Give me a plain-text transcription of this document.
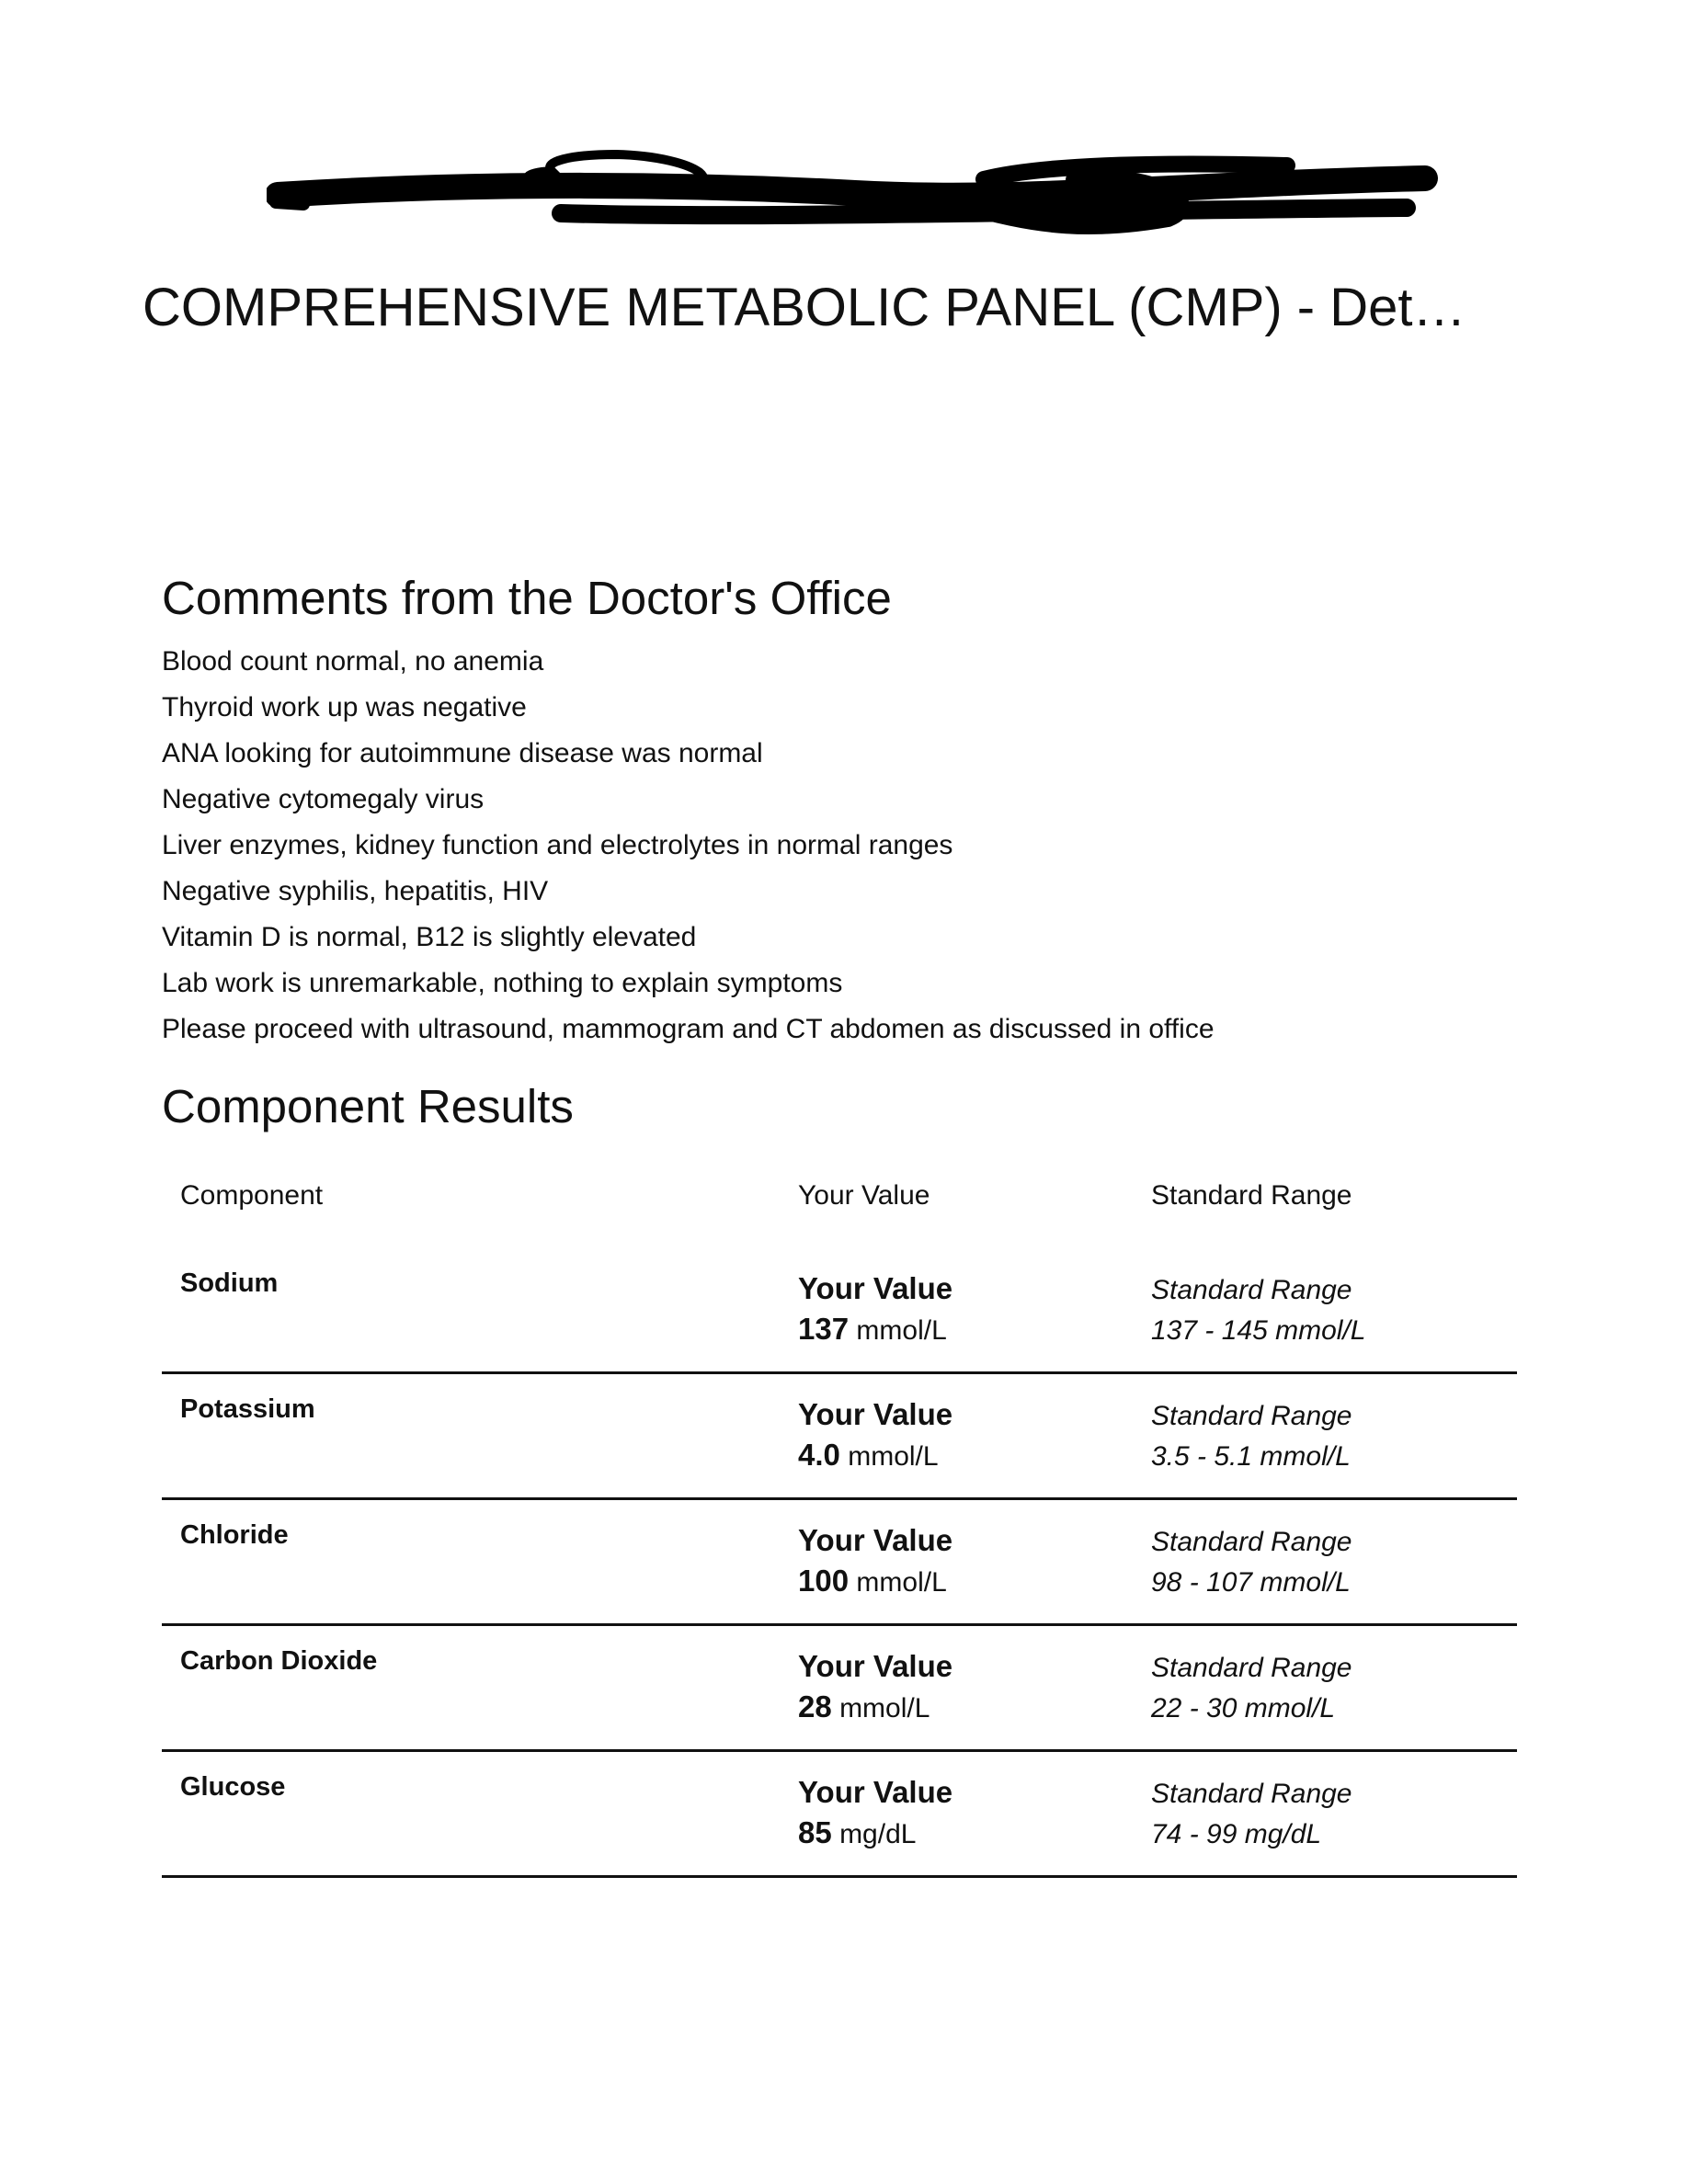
COMPREHENSIVE METABOLIC PANEL (CMP) - Det…
Comments from the Doctor's Office
Blood count normal, no anemia
Thyroid work up was negative
ANA looking for autoimmune disease was normal
Negative cytomegaly virus
Liver enzymes, kidney function and electrolytes in normal ranges
Negative syphilis, hepatitis, HIV
Vitamin D is normal, B12 is slightly elevated
Lab work is unremarkable, nothing to explain symptoms
Please proceed with ultrasound, mammogram and CT abdomen as discussed in office
Component Results
Component	Your Value	Standard Range
Sodium	Your Value
137 mmol/L	Standard Range
137 - 145 mmol/L

Potassium	Your Value
4.0 mmol/L	Standard Range
3.5 - 5.1 mmol/L

Chloride	Your Value
100 mmol/L	Standard Range
98 - 107 mmol/L

Carbon Dioxide	Your Value
28 mmol/L	Standard Range
22 - 30 mmol/L

Glucose	Your Value
85 mg/dL	Standard Range
74 - 99 mg/dL
